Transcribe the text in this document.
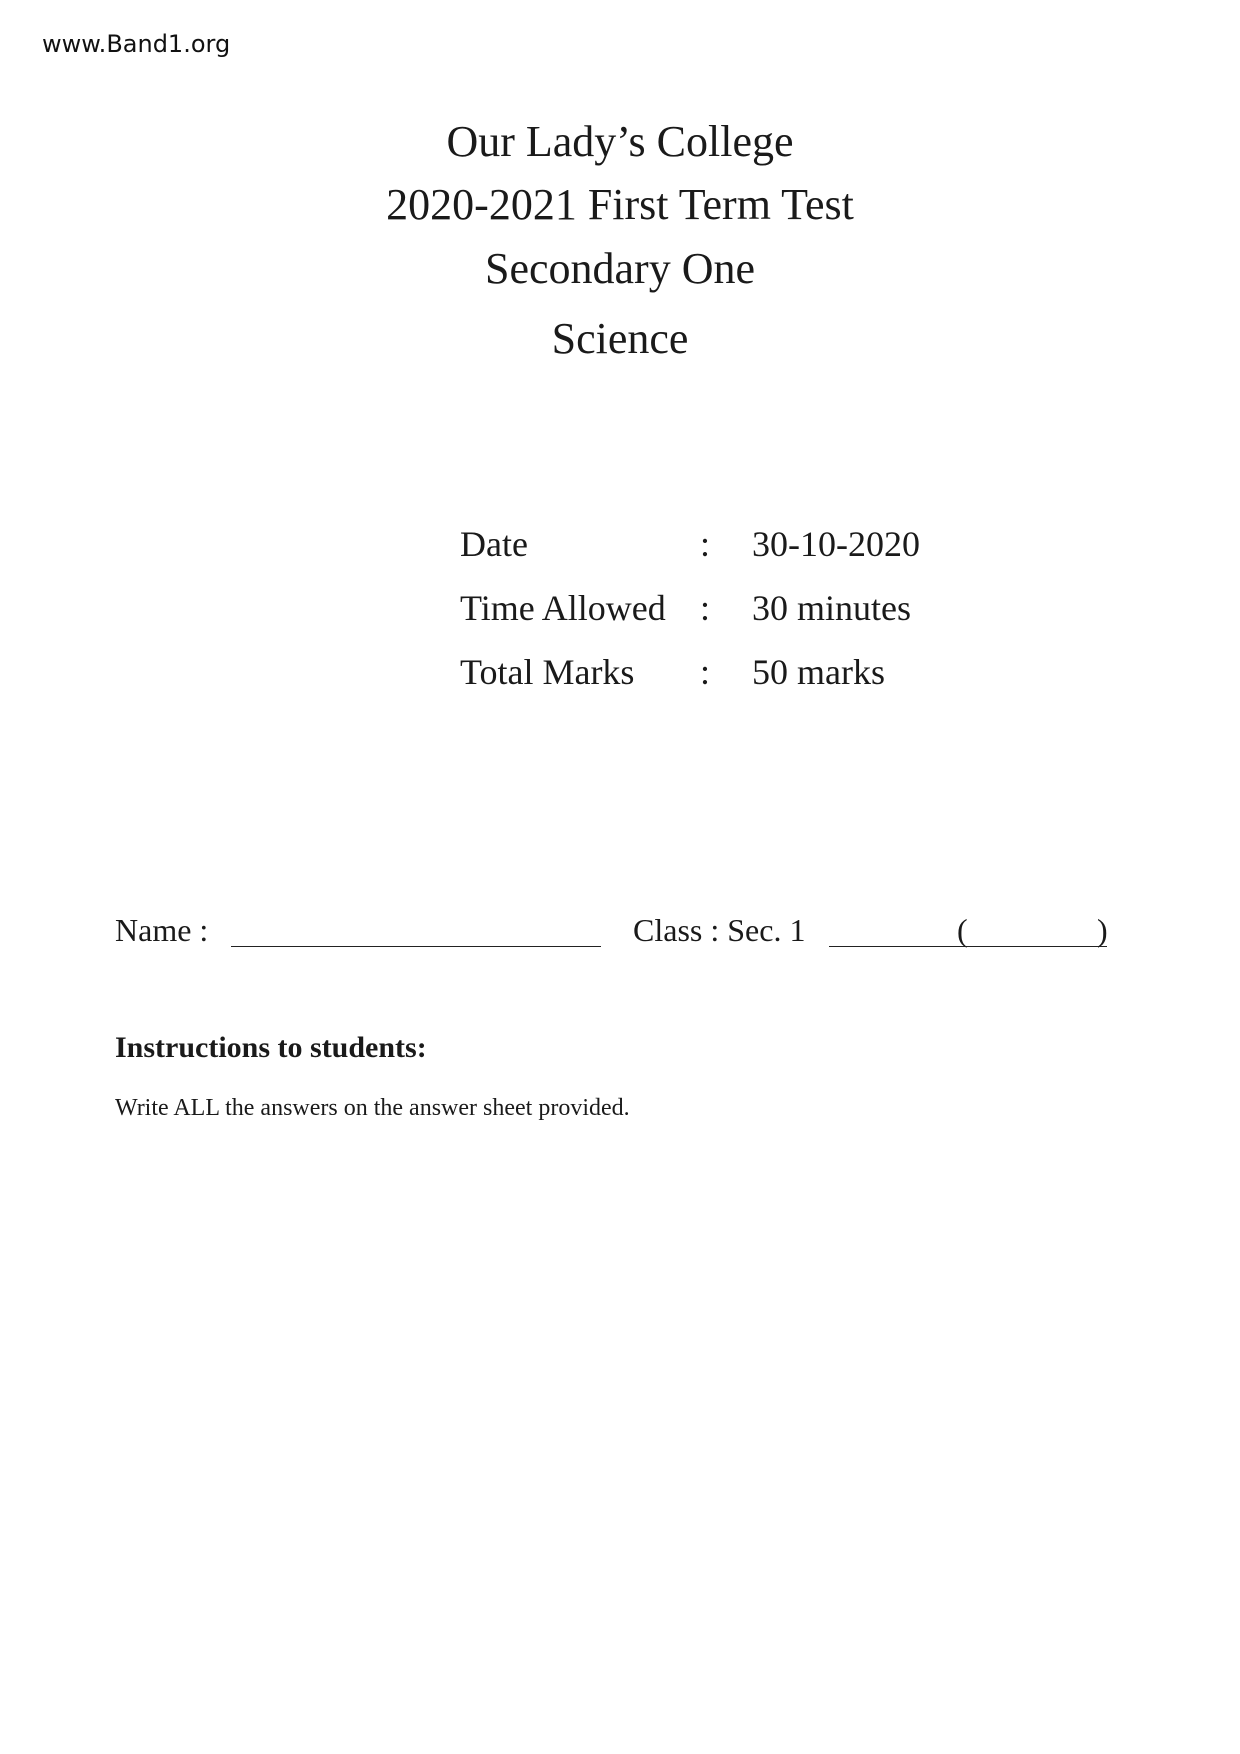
www.Band1.org
Our Lady’s College
2020-2021 First Term Test
Secondary One
Science
Date	: 30-10-2020
Time Allowed : 30 minutes
Total Marks : 50 marks
Name :	Class : Sec. 1	(	)
Instructions to students:
Write ALL the answers on the answer sheet provided.
